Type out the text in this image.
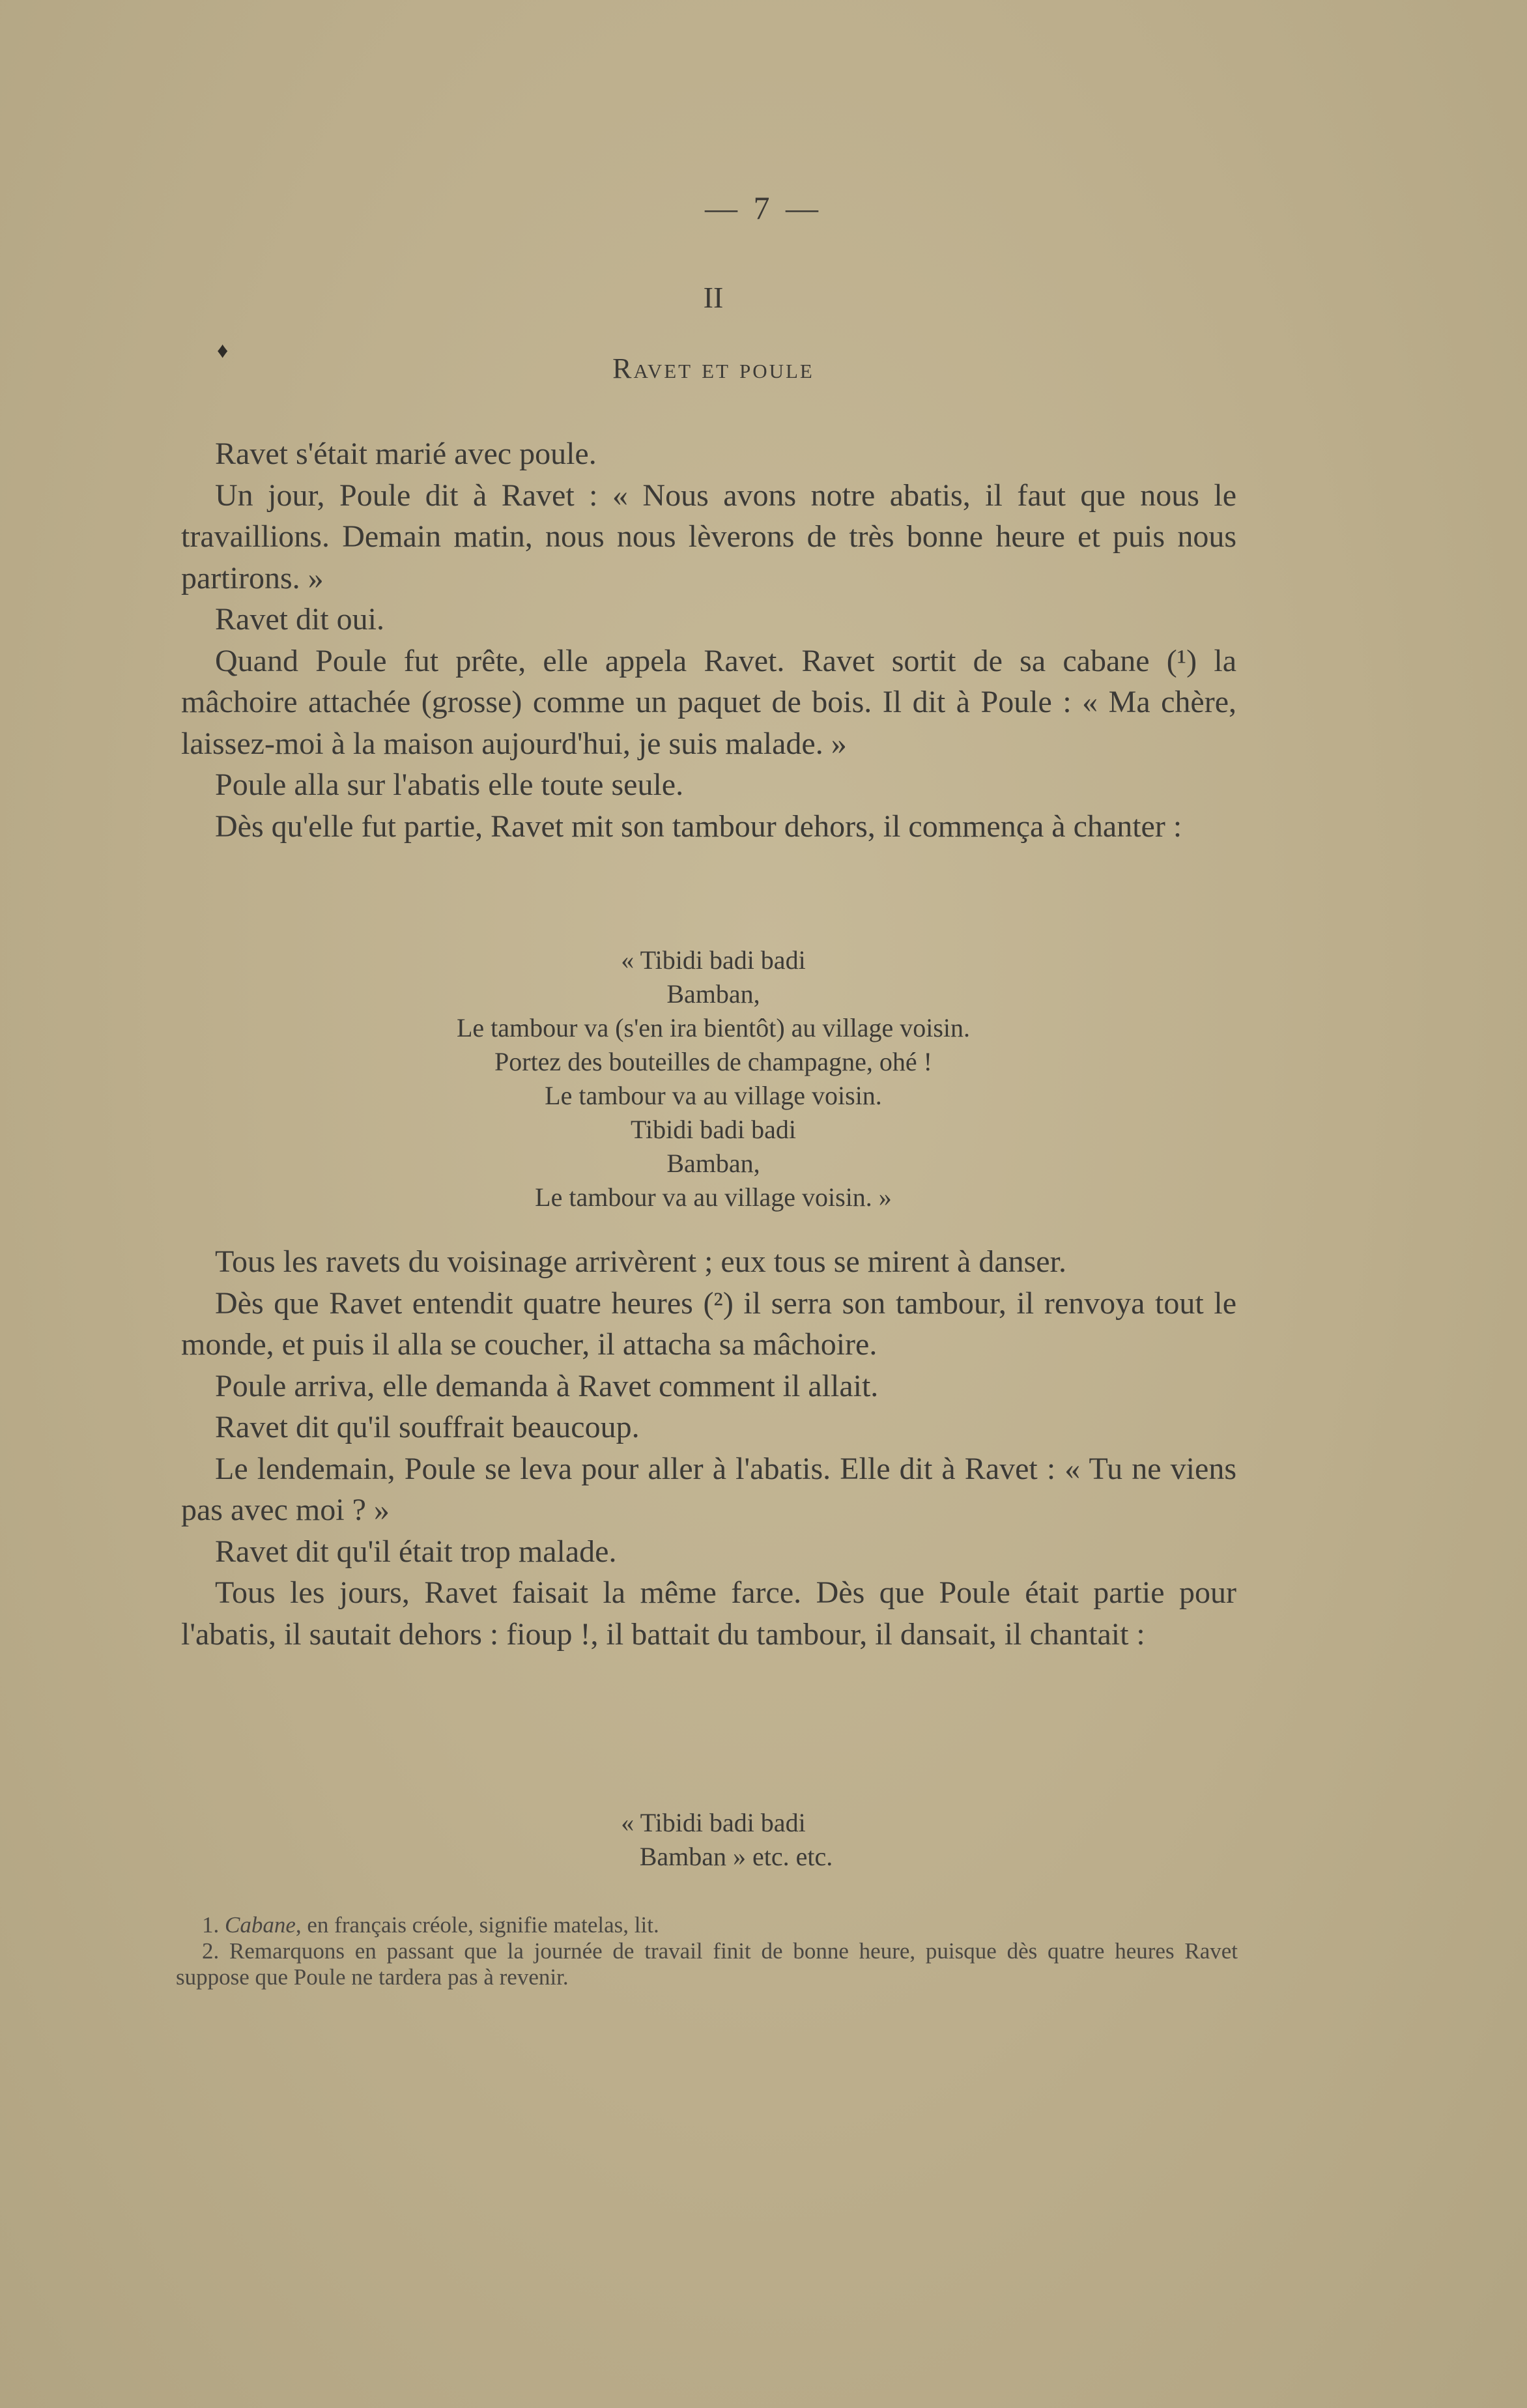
— 7 —
II
♦
Ravet et poule

Ravet s'était marié avec poule.

Un jour, Poule dit à Ravet : « Nous avons notre abatis, il faut que nous le travaillions. Demain matin, nous nous lèverons de très bonne heure et puis nous partirons. »

Ravet dit oui.

Quand Poule fut prête, elle appela Ravet. Ravet sortit de sa cabane (¹) la mâchoire attachée (grosse) comme un paquet de bois. Il dit à Poule : « Ma chère, laissez-moi à la maison aujourd'hui, je suis malade. »

Poule alla sur l'abatis elle toute seule.

Dès qu'elle fut partie, Ravet mit son tambour dehors, il commença à chanter :

« Tibidi badi badi
Bamban,
Le tambour va (s'en ira bientôt) au village voisin.
Portez des bouteilles de champagne, ohé !
Le tambour va au village voisin.
Tibidi badi badi
Bamban,
Le tambour va au village voisin. »

Tous les ravets du voisinage arrivèrent ; eux tous se mirent à danser.

Dès que Ravet entendit quatre heures (²) il serra son tambour, il renvoya tout le monde, et puis il alla se coucher, il attacha sa mâchoire.

Poule arriva, elle demanda à Ravet comment il allait.

Ravet dit qu'il souffrait beaucoup.

Le lendemain, Poule se leva pour aller à l'abatis. Elle dit à Ravet : « Tu ne viens pas avec moi ? »

Ravet dit qu'il était trop malade.

Tous les jours, Ravet faisait la même farce. Dès que Poule était partie pour l'abatis, il sautait dehors : fioup !, il battait du tambour, il dansait, il chantait :

« Tibidi badi badi
Bamban » etc. etc.

1. Cabane, en français créole, signifie matelas, lit.

2. Remarquons en passant que la journée de travail finit de bonne heure, puisque dès quatre heures Ravet suppose que Poule ne tardera pas à revenir.
